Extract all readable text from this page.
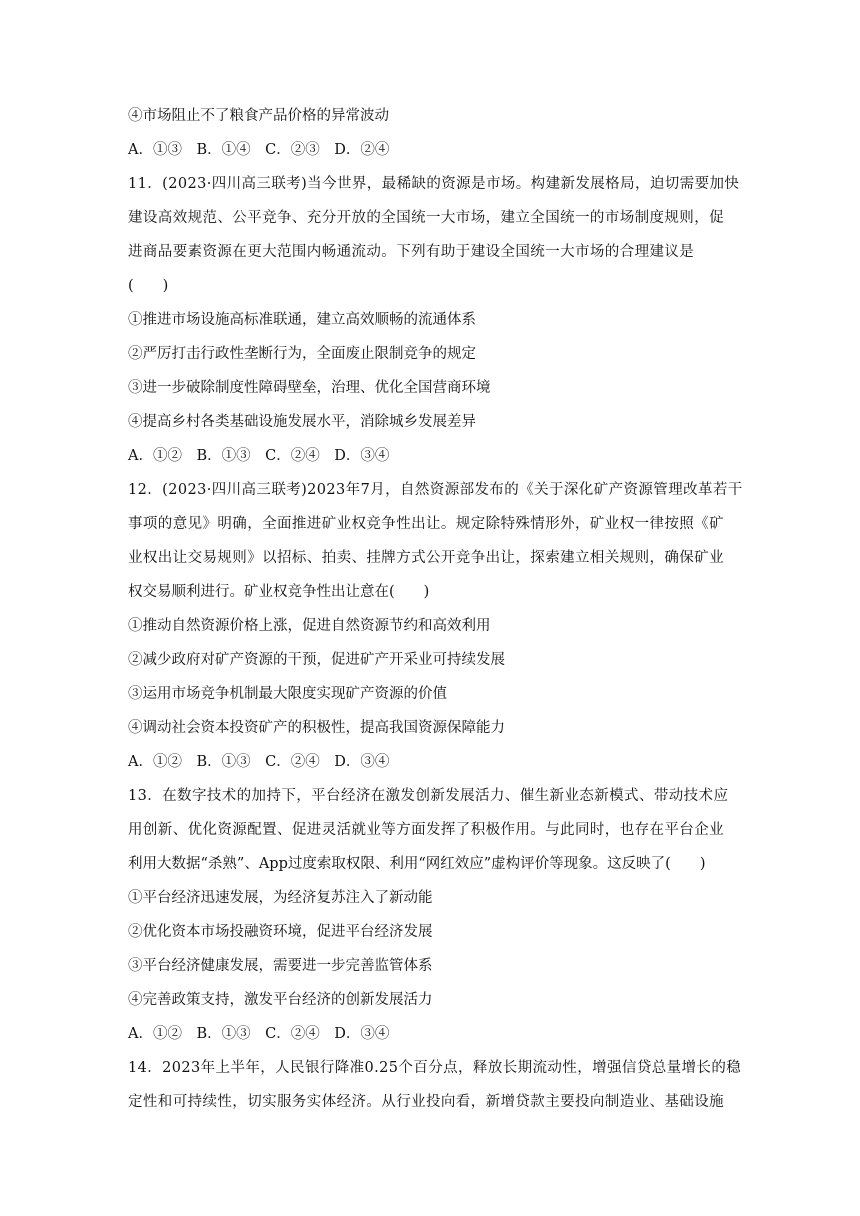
④市场阻止不了粮食产品价格的异常波动
A．①③　B．①④　C．②③　D．②④
11．(2023·四川高三联考)当今世界，最稀缺的资源是市场。构建新发展格局，迫切需要加快
建设高效规范、公平竞争、充分开放的全国统一大市场，建立全国统一的市场制度规则，促
进商品要素资源在更大范围内畅通流动。下列有助于建设全国统一大市场的合理建议是
(　　)
①推进市场设施高标准联通，建立高效顺畅的流通体系
②严厉打击行政性垄断行为，全面废止限制竞争的规定
③进一步破除制度性障碍壁垒，治理、优化全国营商环境
④提高乡村各类基础设施发展水平，消除城乡发展差异
A．①②　B．①③　C．②④　D．③④
12．(2023·四川高三联考)2023年7月，自然资源部发布的《关于深化矿产资源管理改革若干
事项的意见》明确，全面推进矿业权竞争性出让。规定除特殊情形外，矿业权一律按照《矿
业权出让交易规则》以招标、拍卖、挂牌方式公开竞争出让，探索建立相关规则，确保矿业
权交易顺利进行。矿业权竞争性出让意在(　　)
①推动自然资源价格上涨，促进自然资源节约和高效利用
②减少政府对矿产资源的干预，促进矿产开采业可持续发展
③运用市场竞争机制最大限度实现矿产资源的价值
④调动社会资本投资矿产的积极性，提高我国资源保障能力
A．①②　B．①③　C．②④　D．③④
13．在数字技术的加持下，平台经济在激发创新发展活力、催生新业态新模式、带动技术应
用创新、优化资源配置、促进灵活就业等方面发挥了积极作用。与此同时，也存在平台企业
利用大数据“杀熟”、App过度索取权限、利用“网红效应”虚构评价等现象。这反映了(　　)
①平台经济迅速发展，为经济复苏注入了新动能
②优化资本市场投融资环境，促进平台经济发展
③平台经济健康发展，需要进一步完善监管体系
④完善政策支持，激发平台经济的创新发展活力
A．①②　B．①③　C．②④　D．③④
14．2023年上半年，人民银行降准0.25个百分点，释放长期流动性，增强信贷总量增长的稳
定性和可持续性，切实服务实体经济。从行业投向看，新增贷款主要投向制造业、基础设施
